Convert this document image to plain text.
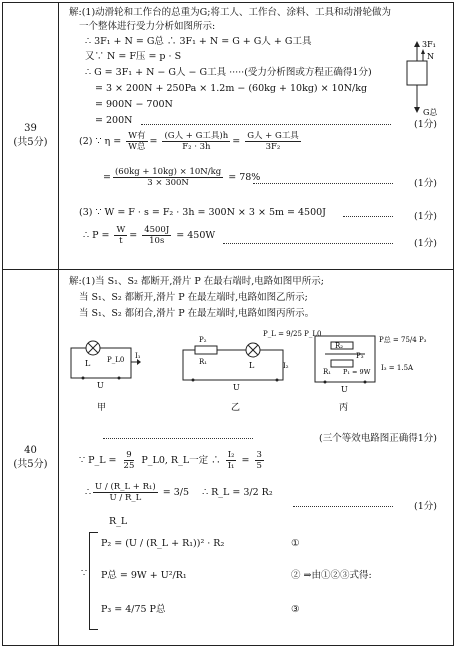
39
(共5分)
解:(1)动滑轮和工作台的总重为G;将工人、工作台、涂料、工具和动滑轮做为
一个整体进行受力分析如图所示:
∴ 3F₁ + N = G总 ∴ 3F₁ + N = G + G人 + G工具
又∵ N = F压 = p · S
∴ G = 3F₁ + N − G人 − G工具 ·····(受力分析图或方程正确得1分)
= 3 × 200N + 250Pa × 1.2m − (60kg + 10kg) × 10N/kg
= 900N − 700N
= 200N	(1分)
3F₁
N
G总
(2) ∵ $\eta = \frac{\text{W有}}{\text{W总}} = \frac{\text{(G人 + G工具)h}}{\text{F₂ · 3h}} = \frac{\text{G人 + G工具}}{\text{3F₂}}$
= $\frac{(60kg + 10kg) \times 10N/kg}{3 \times 300N} = 78\%$
(1分)
(3) ∵ W = F · s = F₂ · 3h = 300N × 3 × 5m = 4500J	(1分)
∴ $P = \frac{W}{t} = \frac{4500J}{10s} = 450W$
(1分)
40
(共5分)
解:(1)当 S₁、S₂ 都断开,滑片 P 在最右端时,电路如图甲所示;
当 S₁、S₂ 都断开,滑片 P 在最左端时,电路如图乙所示;
当 S₁、S₂ 都闭合,滑片 P 在最左端时,电路如图丙所示。
L P_L0 I₁
U
甲
P₂
R₁	L	I₂
U
乙
P_L = 9/25 P_L0
R₂
R₁
P₃
U
P₁ = 9W I₃ = 1.5A
P总 = 75/4 P₃
丙
(三个等效电路图正确得1分)
∵ P_L = $\frac{9}{25}$ P_L0, R_L一定 ∴ $\frac{\text{I₂}}{\text{I₁}} = \frac{3}{5}$
∴ $\frac{\text{U / (R\_L + R₁)}}{U / R\_L} = 3/5$ ∴ R_L = 3/2 R₂
(1分)
R_L
∵
P₂ = (U / (R_L + R₁))² · R₂	①
P总 = 9W + U²/R₁	② ⇒由①②③式得:
P₃ = 4/75 P总	③
